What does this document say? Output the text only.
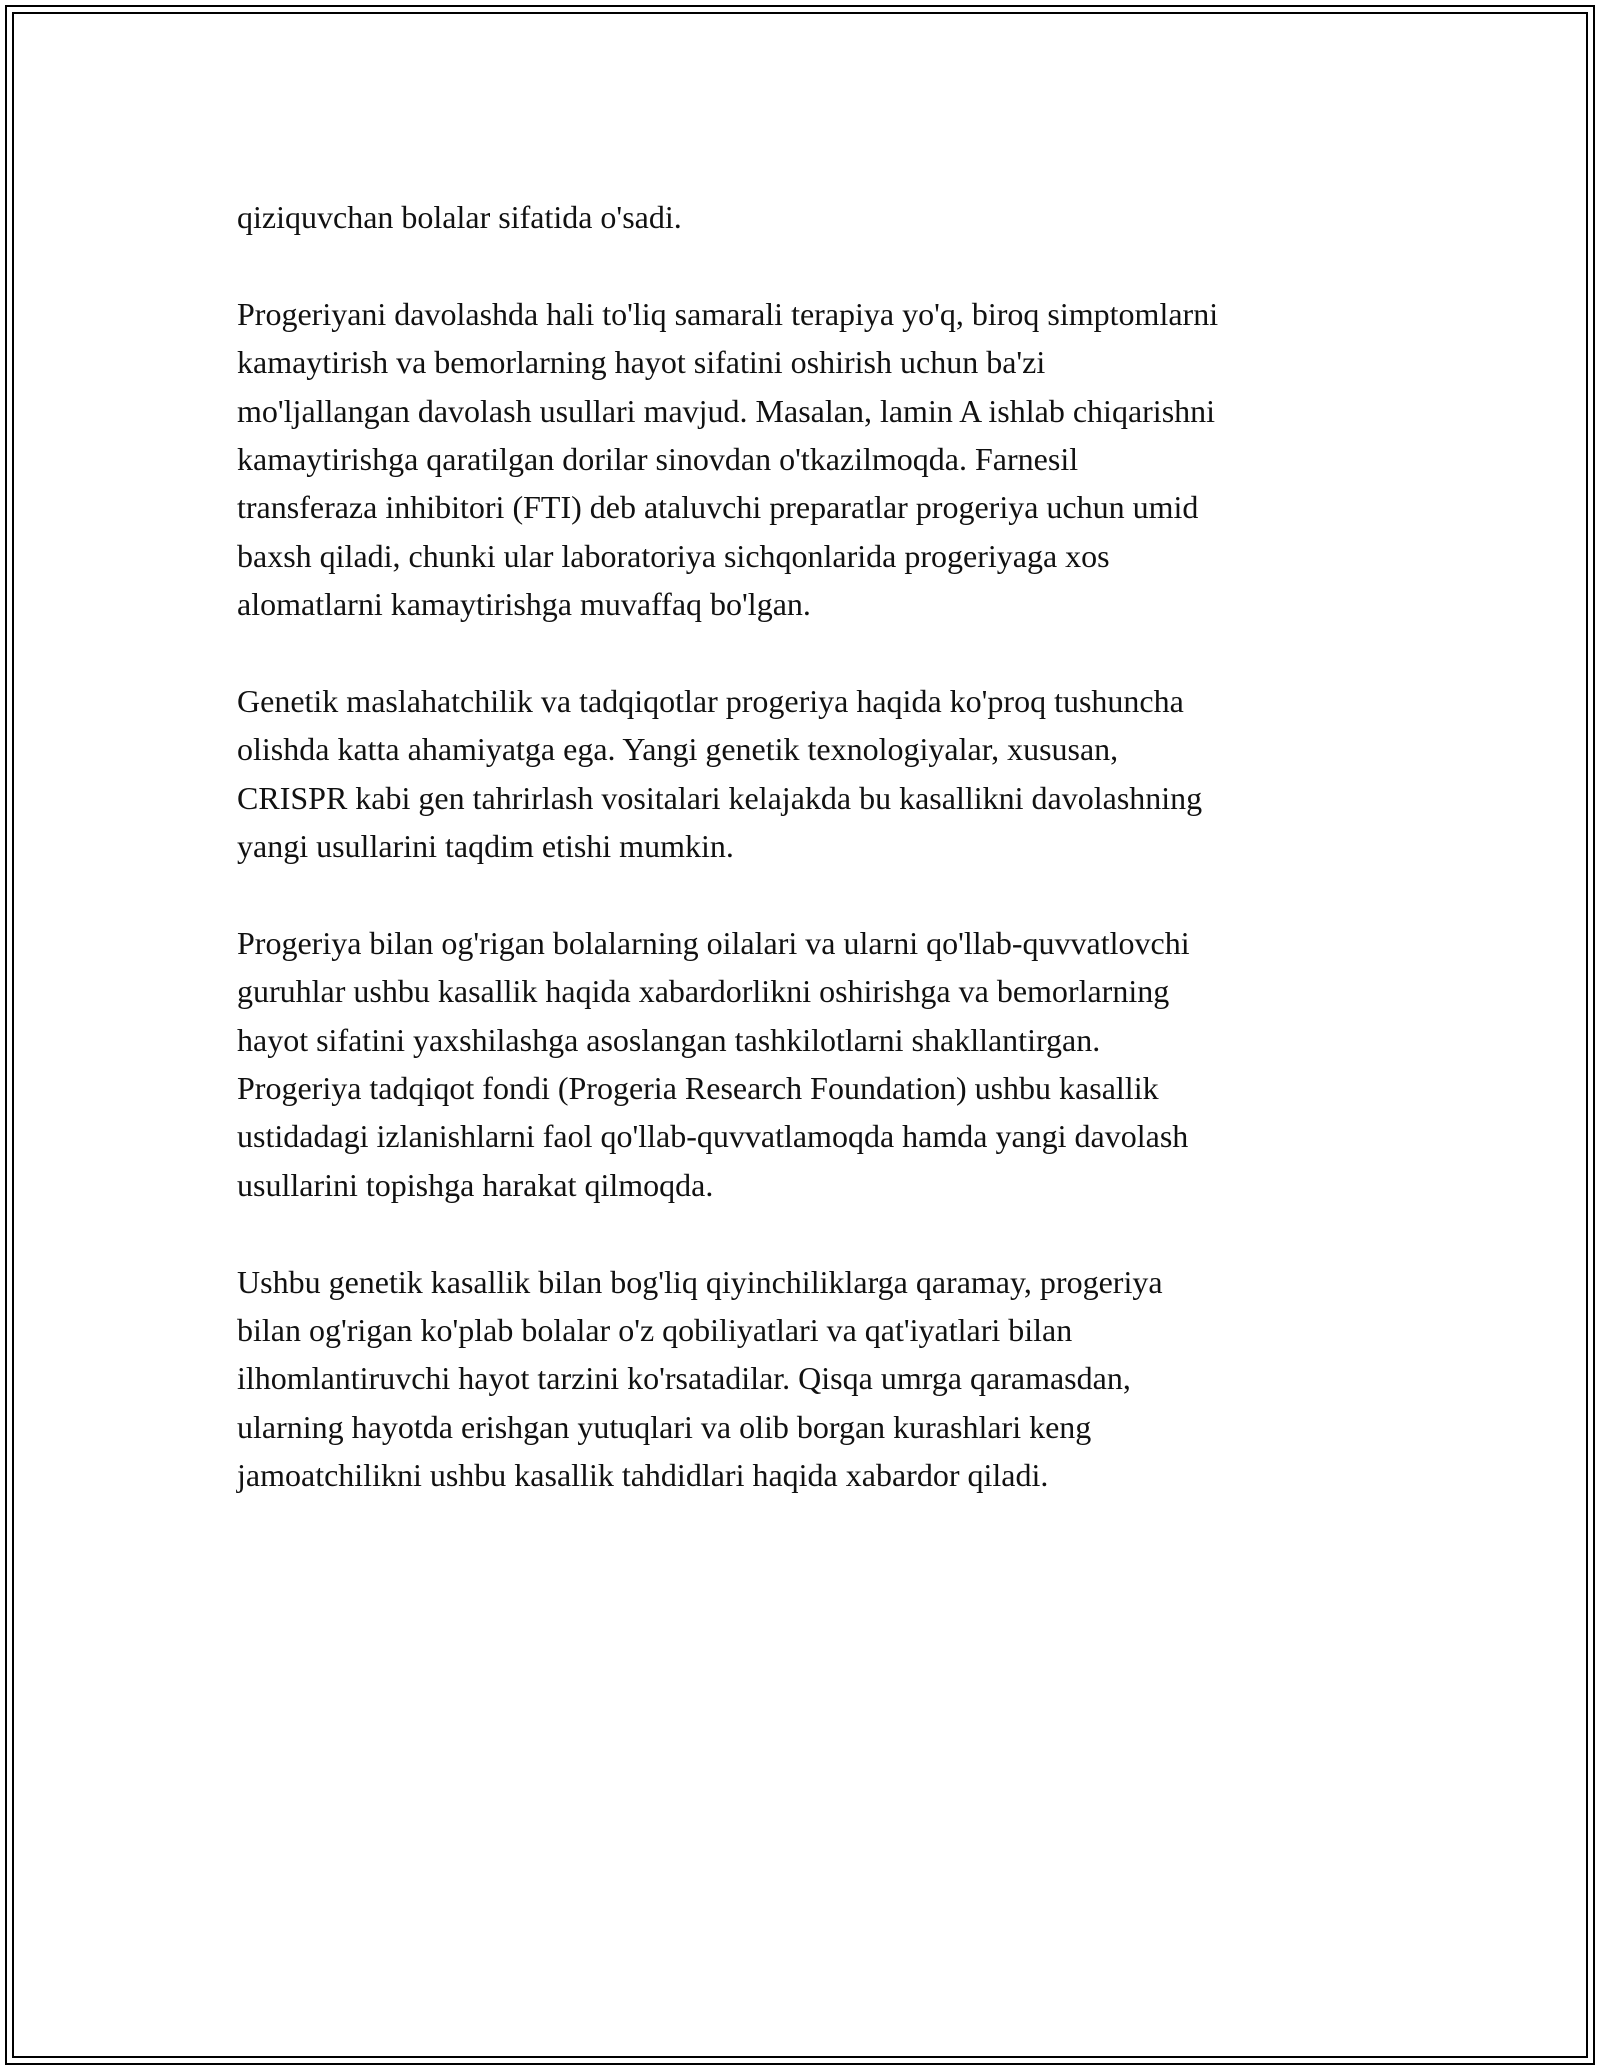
qiziquvchan bolalar sifatida o'sadi.
Progeriyani davolashda hali to'liq samarali terapiya yo'q, biroq simptomlarni
kamaytirish va bemorlarning hayot sifatini oshirish uchun ba'zi
mo'ljallangan davolash usullari mavjud. Masalan, lamin A ishlab chiqarishni
kamaytirishga qaratilgan dorilar sinovdan o'tkazilmoqda. Farnesil
transferaza inhibitori (FTI) deb ataluvchi preparatlar progeriya uchun umid
baxsh qiladi, chunki ular laboratoriya sichqonlarida progeriyaga xos
alomatlarni kamaytirishga muvaffaq bo'lgan.
Genetik maslahatchilik va tadqiqotlar progeriya haqida ko'proq tushuncha
olishda katta ahamiyatga ega. Yangi genetik texnologiyalar, xususan,
CRISPR kabi gen tahrirlash vositalari kelajakda bu kasallikni davolashning
yangi usullarini taqdim etishi mumkin.
Progeriya bilan og'rigan bolalarning oilalari va ularni qo'llab-quvvatlovchi
guruhlar ushbu kasallik haqida xabardorlikni oshirishga va bemorlarning
hayot sifatini yaxshilashga asoslangan tashkilotlarni shakllantirgan.
Progeriya tadqiqot fondi (Progeria Research Foundation) ushbu kasallik
ustidadagi izlanishlarni faol qo'llab-quvvatlamoqda hamda yangi davolash
usullarini topishga harakat qilmoqda.
Ushbu genetik kasallik bilan bog'liq qiyinchiliklarga qaramay, progeriya
bilan og'rigan ko'plab bolalar o'z qobiliyatlari va qat'iyatlari bilan
ilhomlantiruvchi hayot tarzini ko'rsatadilar. Qisqa umrga qaramasdan,
ularning hayotda erishgan yutuqlari va olib borgan kurashlari keng
jamoatchilikni ushbu kasallik tahdidlari haqida xabardor qiladi.
